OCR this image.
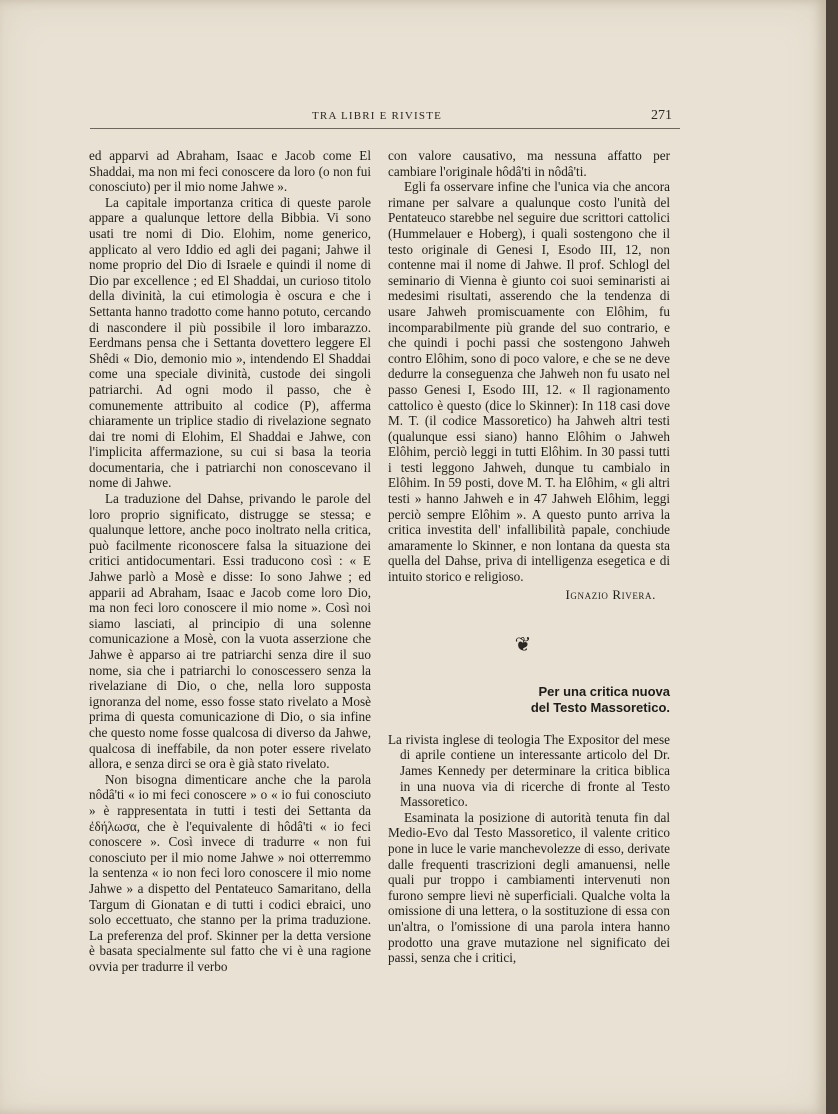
TRA LIBRI E RIVISTE	271

ed apparvi ad Abraham, Isaac e Jacob come El Shaddai, ma non mi feci conoscere da loro (o non fui conosciuto) per il mio nome Jahwe ».

La capitale importanza critica di queste parole appare a qualunque lettore della Bibbia. Vi sono usati tre nomi di Dio. Elohim, nome generico, applicato al vero Iddio ed agli dei pagani; Jahwe il nome proprio del Dio di Israele e quindi il nome di Dio par excellence ; ed El Shaddai, un curioso titolo della divinità, la cui etimologia è oscura e che i Settanta hanno tradotto come hanno potuto, cercando di nascondere il più possibile il loro imbarazzo. Eerdmans pensa che i Settanta dovettero leggere El Shêdi « Dio, demonio mio », intendendo El Shaddai come una speciale divinità, custode dei singoli patriarchi. Ad ogni modo il passo, che è comunemente attribuito al codice (P), afferma chiaramente un triplice stadio di rivelazione segnato dai tre nomi di Elohim, El Shaddai e Jahwe, con l'implicita affermazione, su cui si basa la teoria documentaria, che i patriarchi non conoscevano il nome di Jahwe.

La traduzione del Dahse, privando le parole del loro proprio significato, distrugge se stessa; e qualunque lettore, anche poco inoltrato nella critica, può facilmente riconoscere falsa la situazione dei critici antidocumentari. Essi traducono così : « E Jahwe parlò a Mosè e disse: Io sono Jahwe ; ed apparii ad Abraham, Isaac e Jacob come loro Dio, ma non feci loro conoscere il mio nome ». Così noi siamo lasciati, al principio di una solenne comunicazione a Mosè, con la vuota asserzione che Jahwe è apparso ai tre patriarchi senza dire il suo nome, sia che i patriarchi lo conoscessero senza la rivelaziane di Dio, o che, nella loro supposta ignoranza del nome, esso fosse stato rivelato a Mosè prima di questa comunicazione di Dio, o sia infine che questo nome fosse qualcosa di diverso da Jahwe, qualcosa di ineffabile, da non poter essere rivelato allora, e senza dirci se ora è già stato rivelato.

Non bisogna dimenticare anche che la parola nôdâ'ti « io mi feci conoscere » o « io fui conosciuto » è rappresentata in tutti i testi dei Settanta da ἐδήλωσα, che è l'equivalente di hôdâ'ti « io feci conoscere ». Così invece di tradurre « non fui conosciuto per il mio nome Jahwe » noi otterremmo la sentenza « io non feci loro conoscere il mio nome Jahwe » a dispetto del Pentateuco Samaritano, della Targum di Gionatan e di tutti i codici ebraici, uno solo eccettuato, che stanno per la prima traduzione. La preferenza del prof. Skinner per la detta versione è basata specialmente sul fatto che vi è una ragione ovvia per tradurre il verbo

con valore causativo, ma nessuna affatto per cambiare l'originale hôdâ'ti in nôdâ'ti.

Egli fa osservare infine che l'unica via che ancora rimane per salvare a qualunque costo l'unità del Pentateuco starebbe nel seguire due scrittori cattolici (Hummelauer e Hoberg), i quali sostengono che il testo originale di Genesi I, Esodo III, 12, non contenne mai il nome di Jahwe. Il prof. Schlogl del seminario di Vienna è giunto coi suoi seminaristi ai medesimi risultati, asserendo che la tendenza di usare Jahweh promiscuamente con Elôhim, fu incomparabilmente più grande del suo contrario, e che quindi i pochi passi che sostengono Jahweh contro Elôhim, sono di poco valore, e che se ne deve dedurre la conseguenza che Jahweh non fu usato nel passo Genesi I, Esodo III, 12. « Il ragionamento cattolico è questo (dice lo Skinner): In 118 casi dove M. T. (il codice Massoretico) ha Jahweh altri testi (qualunque essi siano) hanno Elôhim o Jahweh Elôhim, perciò leggi in tutti Elôhim. In 30 passi tutti i testi leggono Jahweh, dunque tu cambialo in Elôhim. In 59 posti, dove M. T. ha Elôhim, « gli altri testi » hanno Jahweh e in 47 Jahweh Elôhim, leggi perciò sempre Elôhim ». A questo punto arriva la critica investita dell' infallibilità papale, conchiude amaramente lo Skinner, e non lontana da questa sta quella del Dahse, priva di intelligenza esegetica e di intuito storico e religioso.

Ignazio Rivera.
❦
Per una critica nuova
del Testo Massoretico.

La rivista inglese di teologia The Expositor del mese di aprile contiene un interessante articolo del Dr. James Kennedy per determinare la critica biblica in una nuova via di ricerche di fronte al Testo Massoretico.

Esaminata la posizione di autorità tenuta fin dal Medio-Evo dal Testo Massoretico, il valente critico pone in luce le varie manchevolezze di esso, derivate dalle frequenti trascrizioni degli amanuensi, nelle quali pur troppo i cambiamenti intervenuti non furono sempre lievi nè superficiali. Qualche volta la omissione di una lettera, o la sostituzione di essa con un'altra, o l'omissione di una parola intera hanno prodotto una grave mutazione nel significato dei passi, senza che i critici,
